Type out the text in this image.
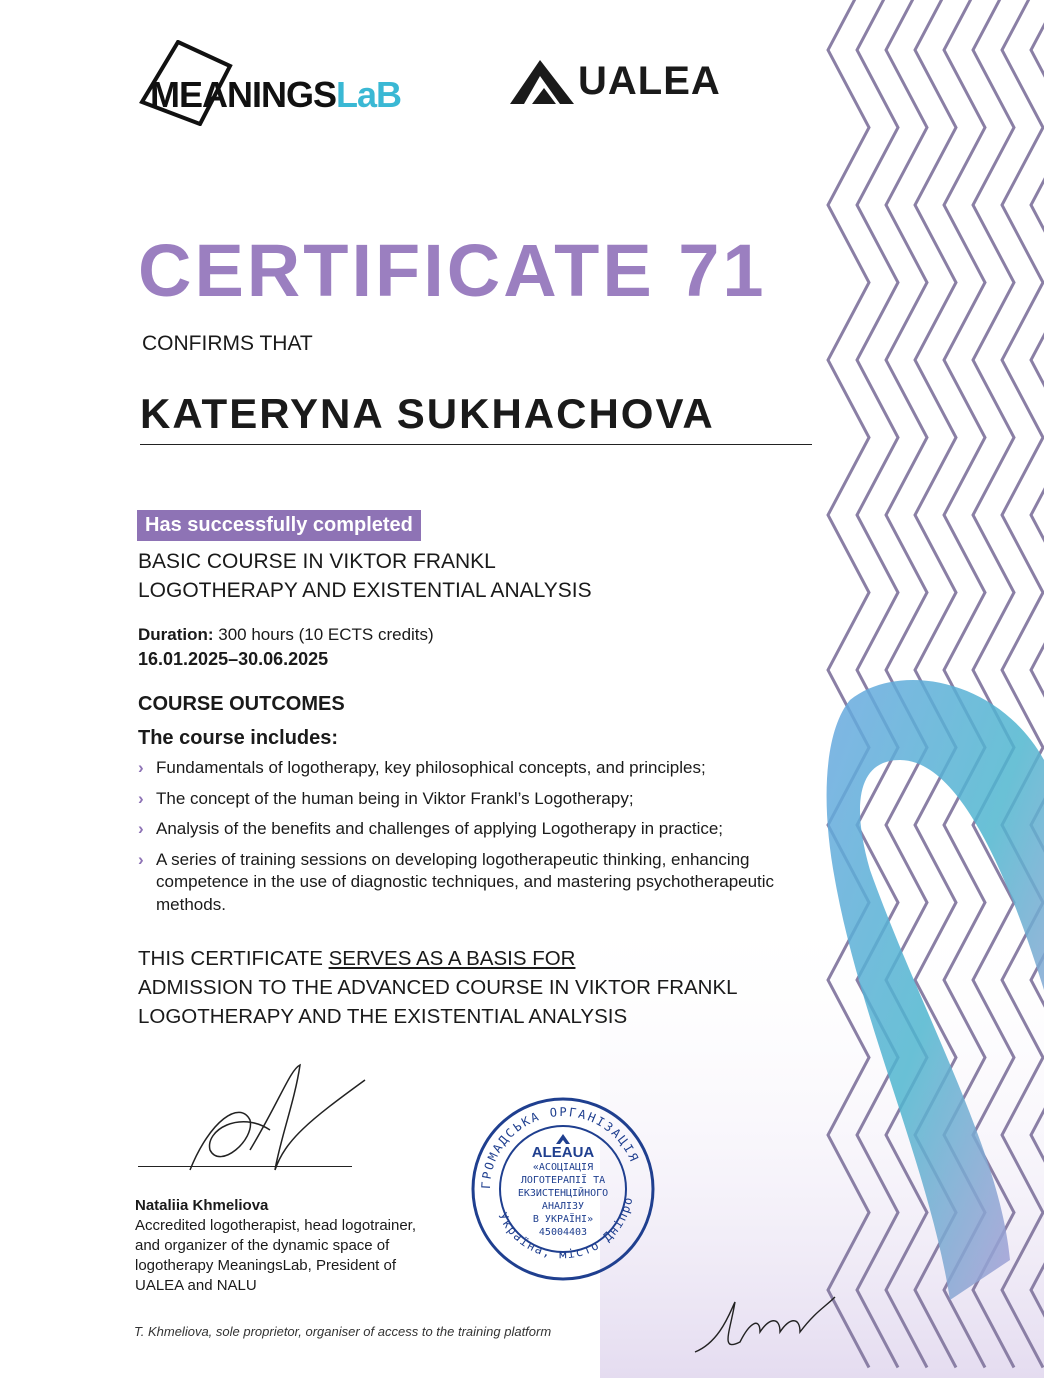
MEANINGSLaB	UALEA
CERTIFICATE 71
CONFIRMS THAT
KATERYNA SUKHACHOVA
Has successfully completed
BASIC COURSE IN VIKTOR FRANKL
LOGOTHERAPY AND EXISTENTIAL ANALYSIS
Duration: 300 hours (10 ECTS credits)
16.01.2025–30.06.2025
COURSE OUTCOMES
The course includes:
› Fundamentals of logotherapy, key philosophical concepts, and principles;
› The concept of the human being in Viktor Frankl’s Logotherapy;
› Analysis of the benefits and challenges of applying Logotherapy in practice;
› A series of training sessions on developing logotherapeutic thinking, enhancing competence in the use of diagnostic techniques, and mastering psychotherapeutic methods.
THIS CERTIFICATE SERVES AS A BASIS FOR
ADMISSION TO THE ADVANCED COURSE IN VIKTOR FRANKL
LOGOTHERAPY AND THE EXISTENTIAL ANALYSIS
Nataliia Khmeliova
Accredited logotherapist, head logotrainer, and organizer of the dynamic space of logotherapy MeaningsLab, President of UALEA and NALU
ГРОМАДСЬКА ОРГАНІЗАЦІЯ
Україна, місто Дніпро
ALEAUA
«АСОЦІАЦІЯ
ЛОГОТЕРАПІЇ ТА
ЕКЗИСТЕНЦІЙНОГО
АНАЛІЗУ
В УКРАЇНІ»
45004403
T. Khmeliova, sole proprietor, organiser of access to the training platform
